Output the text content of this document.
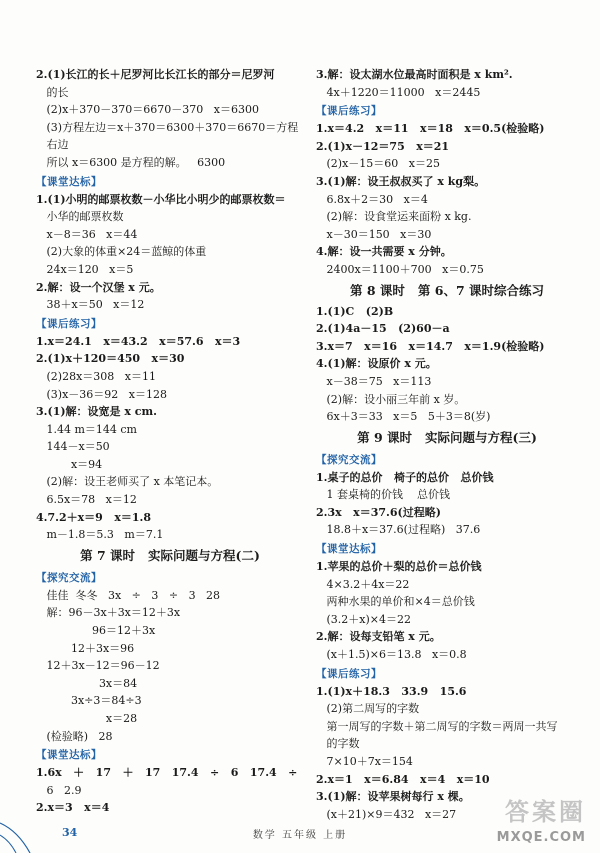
2.(1)长江的长＋尼罗河比长江长的部分＝尼罗河
的长
(2)x＋370－370＝6670－370   x＝6300
(3)方程左边＝x＋370＝6300＋370＝6670＝方程
右边
所以 x＝6300 是方程的解。   6300
【课堂达标】
1.(1)小明的邮票枚数－小华比小明少的邮票枚数＝
小华的邮票枚数
x－8＝36   x＝44
(2)大象的体重×24＝蓝鲸的体重
24x＝120   x＝5
2.解：设一个汉堡 x 元。
38＋x＝50   x＝12
【课后练习】
1.x＝24.1   x＝43.2   x＝57.6   x＝3
2.(1)x＋120＝450   x＝30
(2)28x＝308   x＝11
(3)x－36＝92   x＝128
3.(1)解：设宽是 x cm.
1.44 m＝144 cm
144－x＝50
x＝94
(2)解：设王老师买了 x 本笔记本。
6.5x＝78   x＝12
4.7.2＋x＝9   x＝1.8
m－1.8＝5.3   m＝7.1
第 7 课时   实际问题与方程(二)
【探究交流】
佳佳  冬冬   3x   ÷   3   ÷   3   28
解：96－3x＋3x＝12＋3x
96＝12＋3x
12＋3x＝96
12＋3x－12＝96－12
3x＝84
3x÷3＝84÷3
x＝28
(检验略)   28
【课堂达标】
1.6x   ＋   17   ＋   17   17.4   ÷   6   17.4   ÷
6   2.9
2.x＝3   x＝4
3.解：设太湖水位最高时面积是 x km².
4x＋1220＝11000   x＝2445
【课后练习】
1.x＝4.2   x＝11   x＝18   x＝0.5(检验略)
2.(1)x－12＝75   x＝21
(2)x－15＝60   x＝25
3.(1)解：设王叔叔买了 x kg梨。
6.8x＋2＝30   x＝4
(2)解：设食堂运来面粉 x kg.
x－30＝150   x＝30
4.解：设一共需要 x 分钟。
2400x＝1100＋700   x＝0.75
第 8 课时   第 6、7 课时综合练习
1.(1)C   (2)B
2.(1)4a－15   (2)60－a
3.x＝7   x＝16   x＝14.7   x＝1.9(检验略)
4.(1)解：设原价 x 元。
x－38＝75   x＝113
(2)解：设小丽三年前 x 岁。
6x＋3＝33   x＝5   5＋3＝8(岁)
第 9 课时   实际问题与方程(三)
【探究交流】
1.桌子的总价   椅子的总价   总价钱
1 套桌椅的价钱    总价钱
2.3x   x＝37.6(过程略)
18.8＋x＝37.6(过程略)   37.6
【课堂达标】
1.苹果的总价＋梨的总价＝总价钱
4×3.2＋4x＝22
两种水果的单价和×4＝总价钱
(3.2＋x)×4＝22
2.解：设每支铅笔 x 元。
(x＋1.5)×6＝13.8   x＝0.8
【课后练习】
1.(1)x＋18.3   33.9   15.6
(2)第二周写的字数
第一周写的字数＋第二周写的字数＝两周一共写
的字数
7×10＋7x＝154
2.x＝1   x＝6.84   x＝4   x＝10
3.(1)解：设苹果树每行 x 棵。
(x＋21)×9＝432   x＝27
34	数学 五年级 上册
答案圈
MXQE.COM
